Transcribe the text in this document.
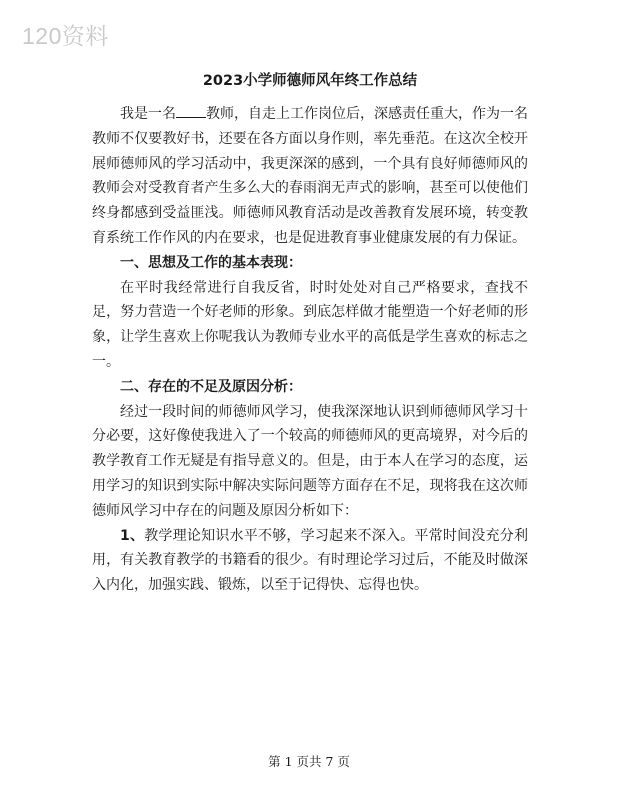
120资料
2023小学师德师风年终工作总结

我是一名 教师，自走上工作岗位后，深感责任重大，作为一名教师不仅要教好书，还要在各方面以身作则，率先垂范。在这次全校开展师德师风的学习活动中，我更深深的感到，一个具有良好师德师风的教师会对受教育者产生多么大的春雨润无声式的影响，甚至可以使他们终身都感到受益匪浅。师德师风教育活动是改善教育发展环境，转变教育系统工作作风的内在要求，也是促进教育事业健康发展的有力保证。

一、思想及工作的基本表现：

在平时我经常进行自我反省，时时处处对自己严格要求，查找不足，努力营造一个好老师的形象。到底怎样做才能塑造一个好老师的形象，让学生喜欢上你呢我认为教师专业水平的高低是学生喜欢的标志之一。

二、存在的不足及原因分析：

经过一段时间的师德师风学习，使我深深地认识到师德师风学习十分必要，这好像使我进入了一个较高的师德师风的更高境界，对今后的教学教育工作无疑是有指导意义的。但是，由于本人在学习的态度，运用学习的知识到实际中解决实际问题等方面存在不足，现将我在这次师德师风学习中存在的问题及原因分析如下：

1、教学理论知识水平不够，学习起来不深入。平常时间没充分利用，有关教育教学的书籍看的很少。有时理论学习过后，不能及时做深入内化，加强实践、锻炼，以至于记得快、忘得也快。

第 1 页共 7 页
